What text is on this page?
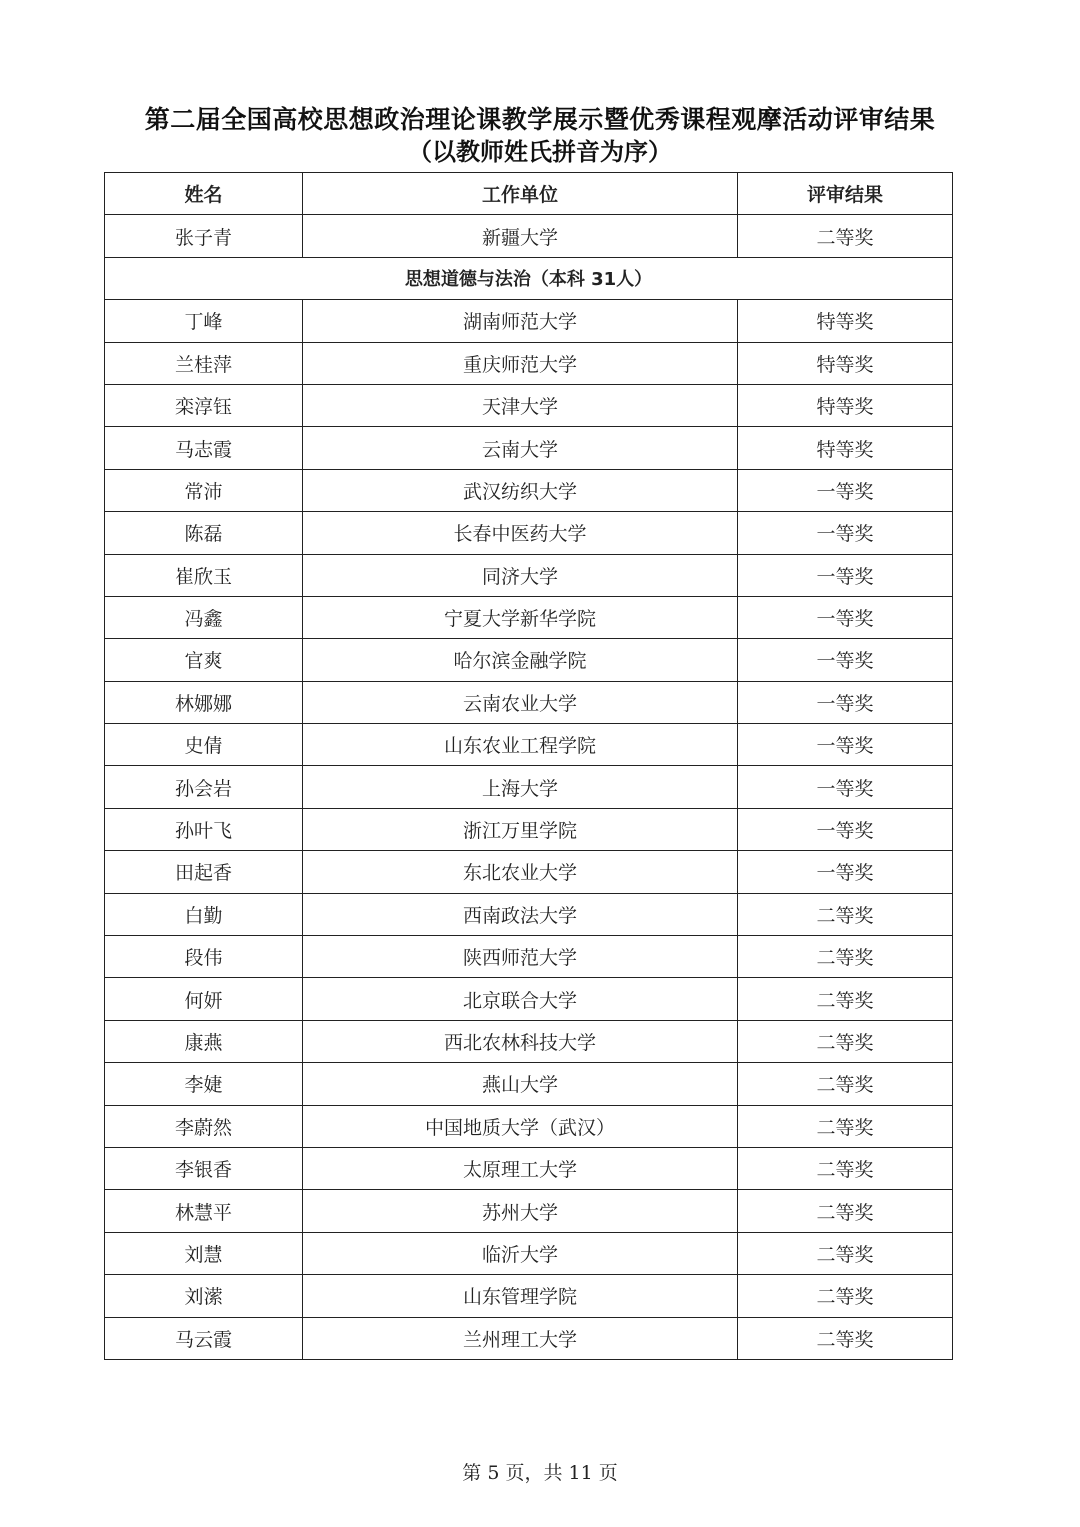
第二届全国高校思想政治理论课教学展示暨优秀课程观摩活动评审结果
（以教师姓氏拼音为序）
姓名	工作单位	评审结果
张子青	新疆大学	二等奖
思想道德与法治（本科 31人）		
丁峰	湖南师范大学	特等奖
兰桂萍	重庆师范大学	特等奖
栾淳钰	天津大学	特等奖
马志霞	云南大学	特等奖
常沛	武汉纺织大学	一等奖
陈磊	长春中医药大学	一等奖
崔欣玉	同济大学	一等奖
冯鑫	宁夏大学新华学院	一等奖
官爽	哈尔滨金融学院	一等奖
林娜娜	云南农业大学	一等奖
史倩	山东农业工程学院	一等奖
孙会岩	上海大学	一等奖
孙叶飞	浙江万里学院	一等奖
田起香	东北农业大学	一等奖
白勤	西南政法大学	二等奖
段伟	陕西师范大学	二等奖
何妍	北京联合大学	二等奖
康燕	西北农林科技大学	二等奖
李婕	燕山大学	二等奖
李蔚然	中国地质大学（武汉）	二等奖
李银香	太原理工大学	二等奖
林慧平	苏州大学	二等奖
刘慧	临沂大学	二等奖
刘潆	山东管理学院	二等奖
马云霞	兰州理工大学	二等奖
第 5 页，共 11 页
